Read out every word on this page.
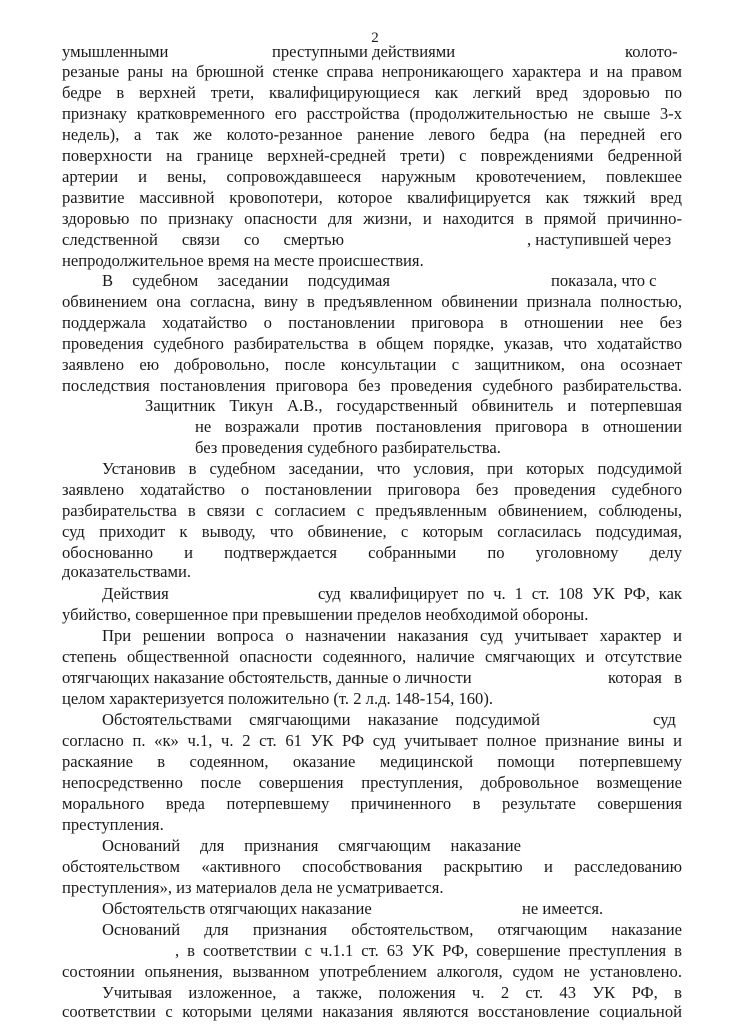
2
умышленными	преступными действиями	колото-
резаные раны на брюшной стенке справа непроникающего характера и на правом
бедре в верхней трети, квалифицирующиеся как легкий вред здоровью по
признаку кратковременного его расстройства (продолжительностью не свыше 3-х
недель), а так же колото-резанное ранение левого бедра (на передней его
поверхности на границе верхней-средней трети) с повреждениями бедренной
артерии и вены, сопровождавшееся наружным кровотечением, повлекшее
развитие массивной кровопотери, которое квалифицируется как тяжкий вред
здоровью по признаку опасности для жизни, и находится в прямой причинно-
следственной связи со смертью	, наступившей через
непродолжительное время на месте происшествия.
В судебном заседании подсудимая	показала, что с
обвинением она согласна, вину в предъявленном обвинении признала полностью,
поддержала ходатайство о постановлении приговора в отношении нее без
проведения судебного разбирательства в общем порядке, указав, что ходатайство
заявлено ею добровольно, после консультации с защитником, она осознает
последствия постановления приговора без проведения судебного разбирательства.
Защитник Тикун А.В., государственный обвинитель и потерпевшая
не возражали против постановления приговора в отношении
без проведения судебного разбирательства.
Установив в судебном заседании, что условия, при которых подсудимой
заявлено ходатайство о постановлении приговора без проведения судебного
разбирательства в связи с согласием с предъявленным обвинением, соблюдены,
суд приходит к выводу, что обвинение, с которым согласилась подсудимая,
обоснованно и подтверждается собранными по уголовному делу
доказательствами.
Действия	суд квалифицирует по ч. 1 ст. 108 УК РФ, как
убийство, совершенное при превышении пределов необходимой обороны.
При решении вопроса о назначении наказания суд учитывает характер и
степень общественной опасности содеянного, наличие смягчающих и отсутствие
отягчающих наказание обстоятельств, данные о личности	которая в
целом характеризуется положительно (т. 2 л.д. 148-154, 160).
Обстоятельствами смягчающими наказание подсудимой	суд
согласно п. «к» ч.1, ч. 2 ст. 61 УК РФ суд учитывает полное признание вины и
раскаяние в содеянном, оказание медицинской помощи потерпевшему
непосредственно после совершения преступления, добровольное возмещение
морального вреда потерпевшему причиненного в результате совершения
преступления.
Оснований для признания смягчающим наказание
обстоятельством «активного способствования раскрытию и расследованию
преступления», из материалов дела не усматривается.
Обстоятельств отягчающих наказание	не имеется.
Оснований для признания обстоятельством, отягчающим наказание
, в соответствии с ч.1.1 ст. 63 УК РФ, совершение преступления в
состоянии опьянения, вызванном употреблением алкоголя, судом не установлено.
Учитывая изложенное, а также, положения ч. 2 ст. 43 УК РФ, в
соответствии с которыми целями наказания являются восстановление социальной
